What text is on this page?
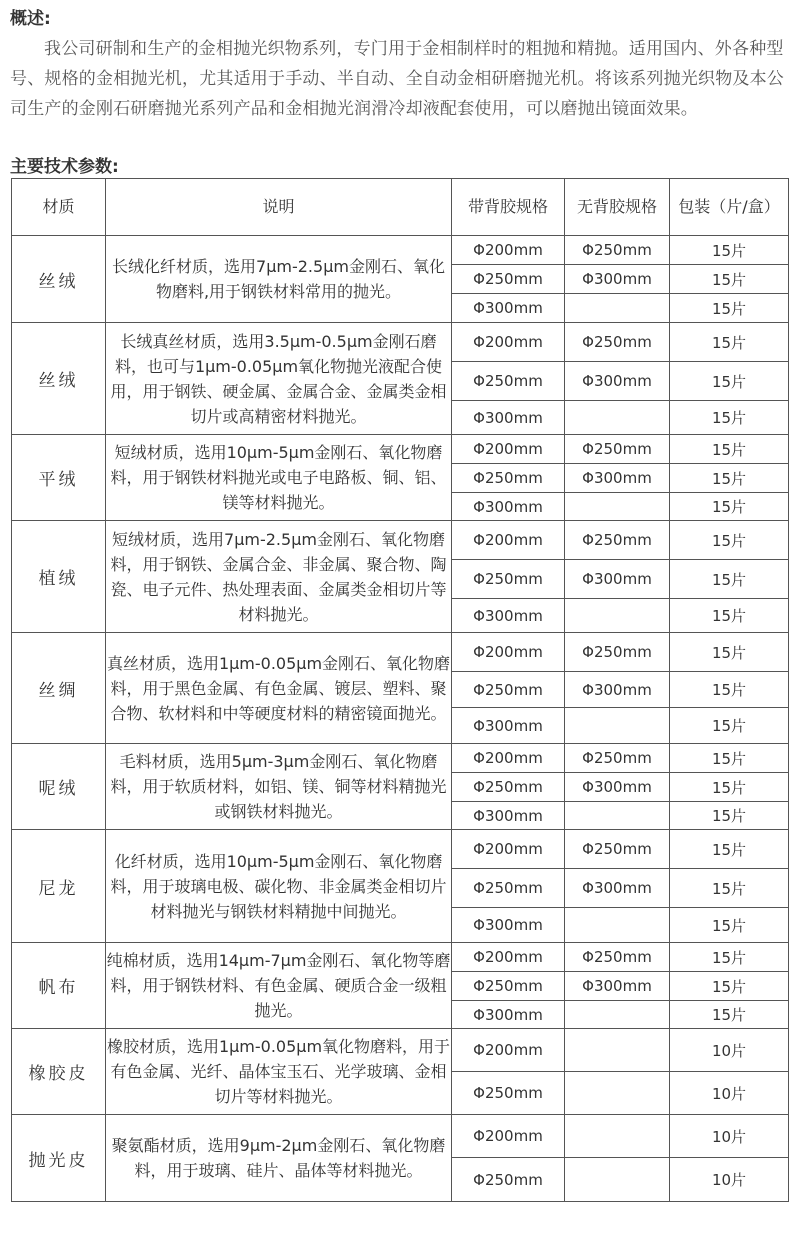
概述:
我公司研制和生产的金相抛光织物系列，专门用于金相制样时的粗抛和精抛。适用国内、外各种型号、规格的金相抛光机，尤其适用于手动、半自动、全自动金相研磨抛光机。将该系列抛光织物及本公司生产的金刚石研磨抛光系列产品和金相抛光润滑冷却液配套使用，可以磨抛出镜面效果。
主要技术参数:
材质	说明	带背胶规格	无背胶规格	包装（片/盒）
丝绒	长绒化纤材质，选用7μm-2.5μm金刚石、氧化物磨料,用于钢铁材料常用的抛光。	Φ200mm	Φ250mm	15片
		Φ250mm	Φ300mm	15片
		Φ300mm		15片
丝绒	长绒真丝材质，选用3.5μm-0.5μm金刚石磨料，也可与1μm-0.05μm氧化物抛光液配合使用，用于钢铁、硬金属、金属合金、金属类金相切片或高精密材料抛光。	Φ200mm	Φ250mm	15片
		Φ250mm	Φ300mm	15片
		Φ300mm		15片
平绒	短绒材质，选用10μm-5μm金刚石、氧化物磨料，用于钢铁材料抛光或电子电路板、铜、铝、镁等材料抛光。	Φ200mm	Φ250mm	15片
		Φ250mm	Φ300mm	15片
		Φ300mm		15片
植绒	短绒材质，选用7μm-2.5μm金刚石、氧化物磨料，用于钢铁、金属合金、非金属、聚合物、陶瓷、电子元件、热处理表面、金属类金相切片等材料抛光。	Φ200mm	Φ250mm	15片
		Φ250mm	Φ300mm	15片
		Φ300mm		15片
丝绸	真丝材质，选用1μm-0.05μm金刚石、氧化物磨料，用于黑色金属、有色金属、镀层、塑料、聚合物、软材料和中等硬度材料的精密镜面抛光。	Φ200mm	Φ250mm	15片
		Φ250mm	Φ300mm	15片
		Φ300mm		15片
呢绒	毛料材质，选用5μm-3μm金刚石、氧化物磨料，用于软质材料，如铝、镁、铜等材料精抛光或钢铁材料抛光。	Φ200mm	Φ250mm	15片
		Φ250mm	Φ300mm	15片
		Φ300mm		15片
尼龙	化纤材质，选用10μm-5μm金刚石、氧化物磨料，用于玻璃电极、碳化物、非金属类金相切片材料抛光与钢铁材料精抛中间抛光。	Φ200mm	Φ250mm	15片
		Φ250mm	Φ300mm	15片
		Φ300mm		15片
帆布	纯棉材质，选用14μm-7μm金刚石、氧化物等磨料，用于钢铁材料、有色金属、硬质合金一级粗抛光。	Φ200mm	Φ250mm	15片
		Φ250mm	Φ300mm	15片
		Φ300mm		15片
橡胶皮	橡胶材质，选用1μm-0.05μm氧化物磨料，用于有色金属、光纤、晶体宝玉石、光学玻璃、金相切片等材料抛光。	Φ200mm		10片
		Φ250mm		10片
抛光皮	聚氨酯材质，选用9μm-2μm金刚石、氧化物磨料，用于玻璃、硅片、晶体等材料抛光。	Φ200mm		10片
		Φ250mm		10片
